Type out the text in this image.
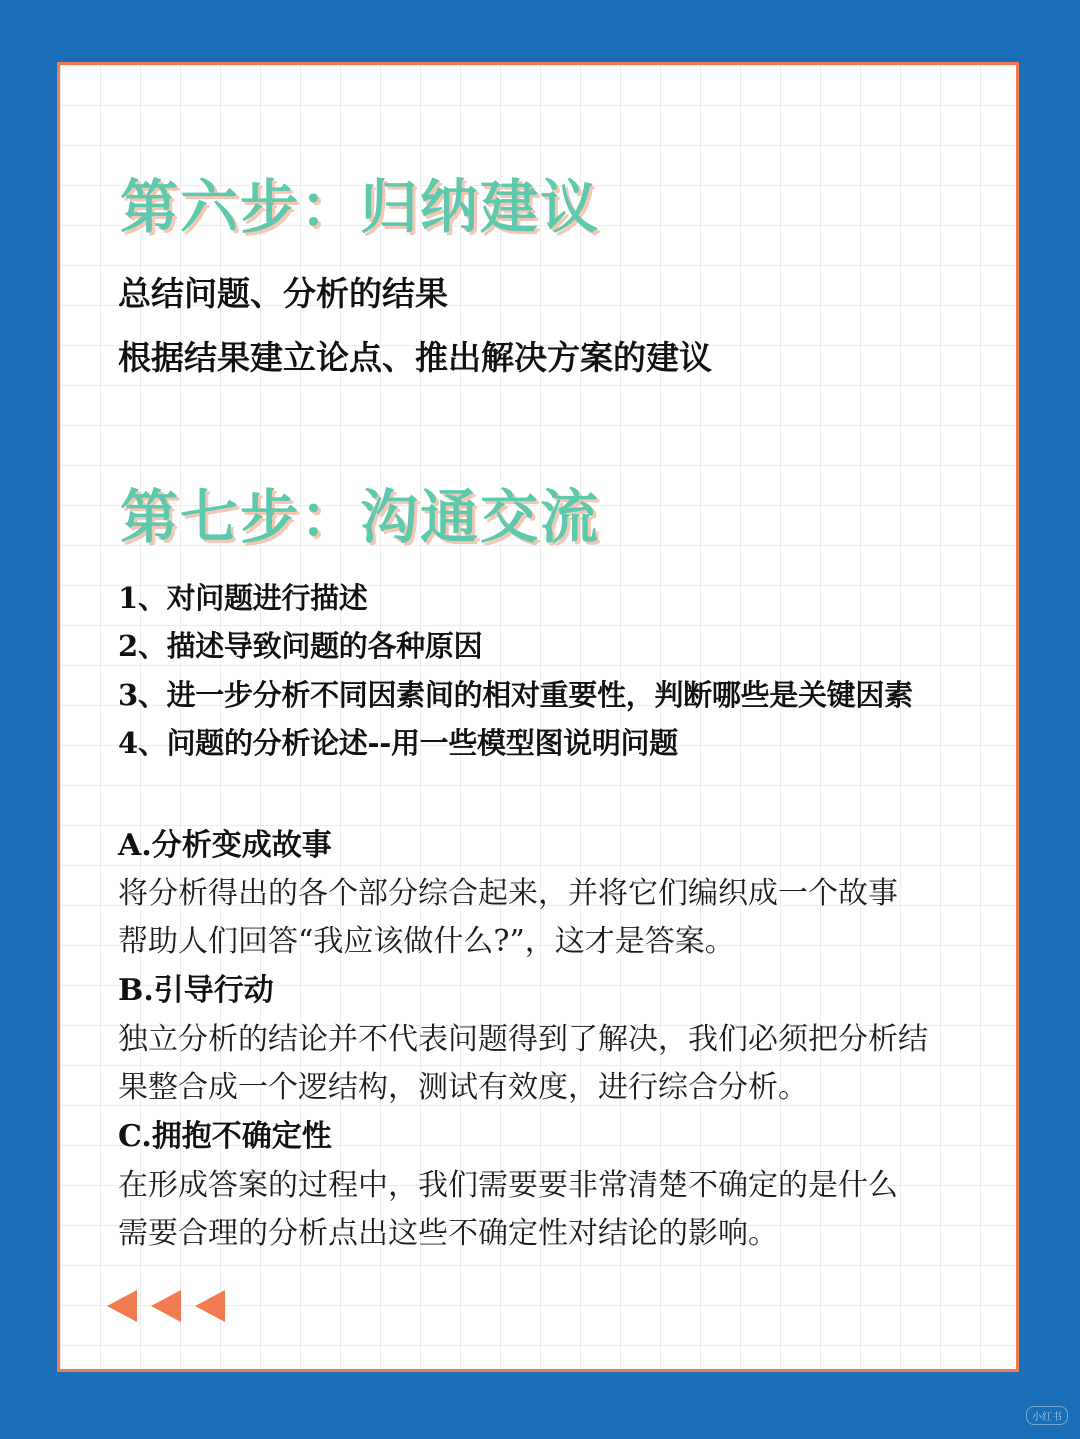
第六步：归纳建议
总结问题、分析的结果
根据结果建立论点、推出解决方案的建议
第七步：沟通交流
1、对问题进行描述
2、描述导致问题的各种原因
3、进一步分析不同因素间的相对重要性，判断哪些是关键因素
4、问题的分析论述--用一些模型图说明问题
A.分析变成故事
将分析得出的各个部分综合起来，并将它们编织成一个故事
帮助人们回答“我应该做什么?”，这才是答案。
B.引导行动
独立分析的结论并不代表问题得到了解决，我们必须把分析结
果整合成一个逻结构，测试有效度，进行综合分析。
C.拥抱不确定性
在形成答案的过程中，我们需要要非常清楚不确定的是什么
需要合理的分析点出这些不确定性对结论的影响。
小红书
